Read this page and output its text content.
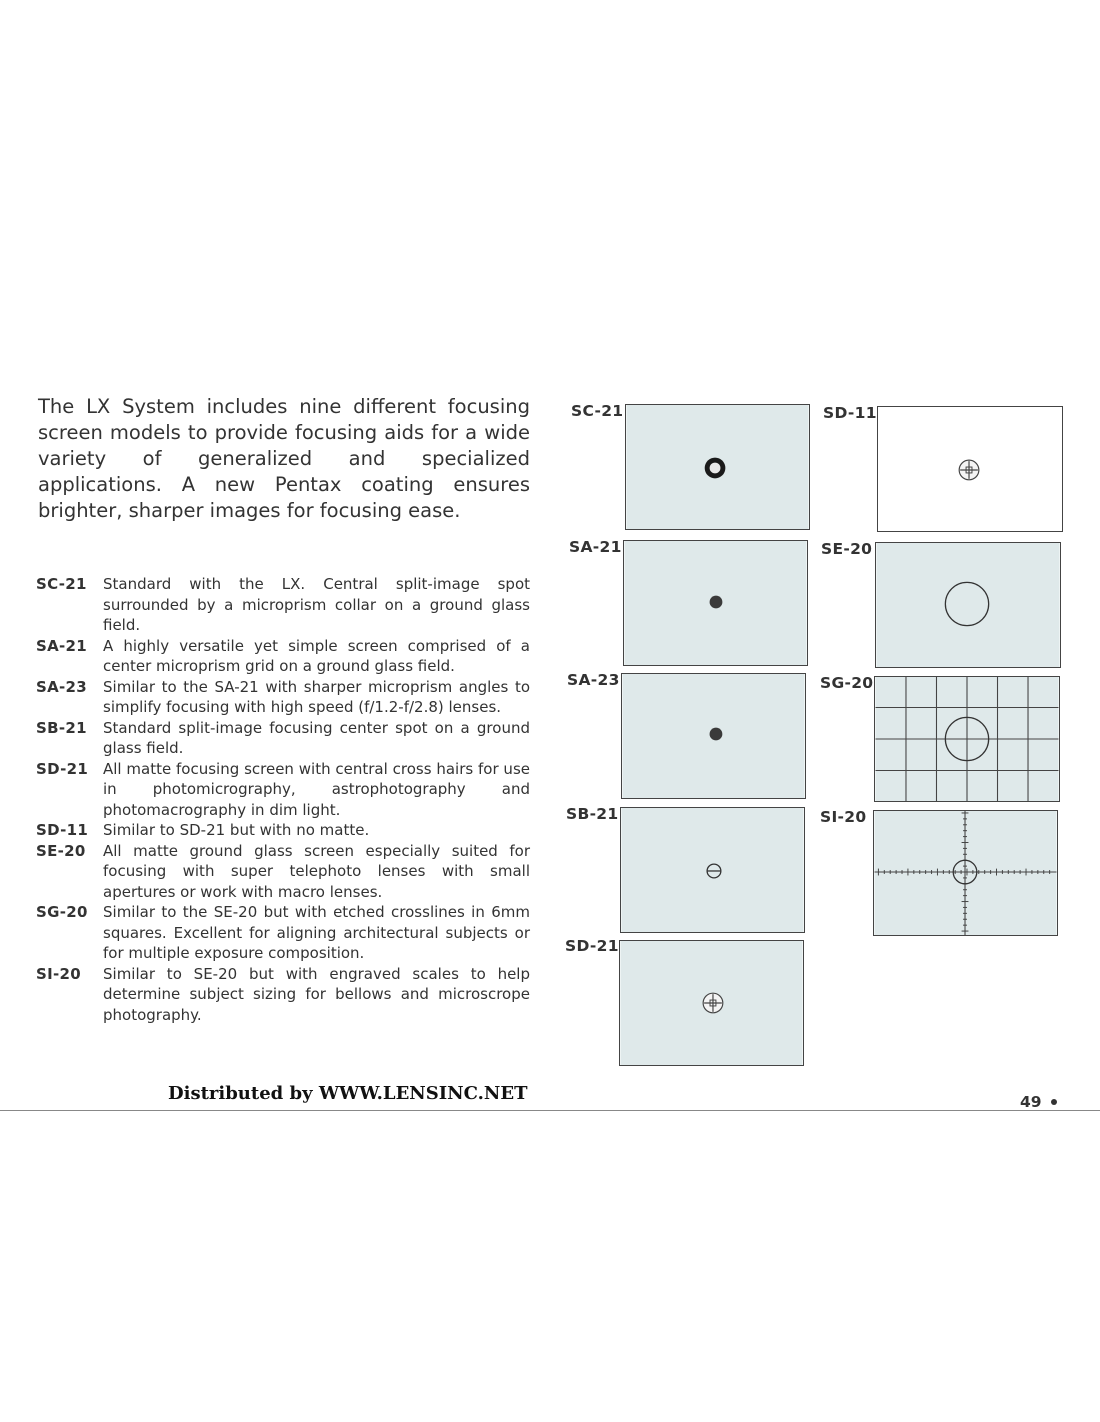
The LX System includes nine different focusing screen models to provide focusing aids for a wide variety of generalized and specialized applications. A new Pentax coating ensures brighter, sharper images for focusing ease.

SC-21	Standard with the LX. Central split-image spot surrounded by a microprism collar on a ground glass field.
SA-21	A highly versatile yet simple screen comprised of a center microprism grid on a ground glass field.
SA-23	Similar to the SA-21 with sharper microprism angles to simplify focusing with high speed (f/1.2-f/2.8) lenses.
SB-21	Standard split-image focusing center spot on a ground glass field.
SD-21 All matte focusing screen with central cross hairs for use in photomicrography, astrophotography and photomacrography in dim light.
SD-11 Similar to SD-21 but with no matte.
SE-20	All matte ground glass screen especially suited for focusing with super telephoto lenses with small apertures or work with macro lenses.
SG-20	Similar to the SE-20 but with etched crosslines in 6mm squares. Excellent for aligning architectural subjects or for multiple exposure composition.
SI-20	Similar to SE-20 but with engraved scales to help determine subject sizing for bellows and microscrope photography.
SC-21
SA-21
SA-23
SB-21
SD-21
SD-11
SE-20
SG-20
SI-20
Distributed by WWW.LENSINC.NET	49
